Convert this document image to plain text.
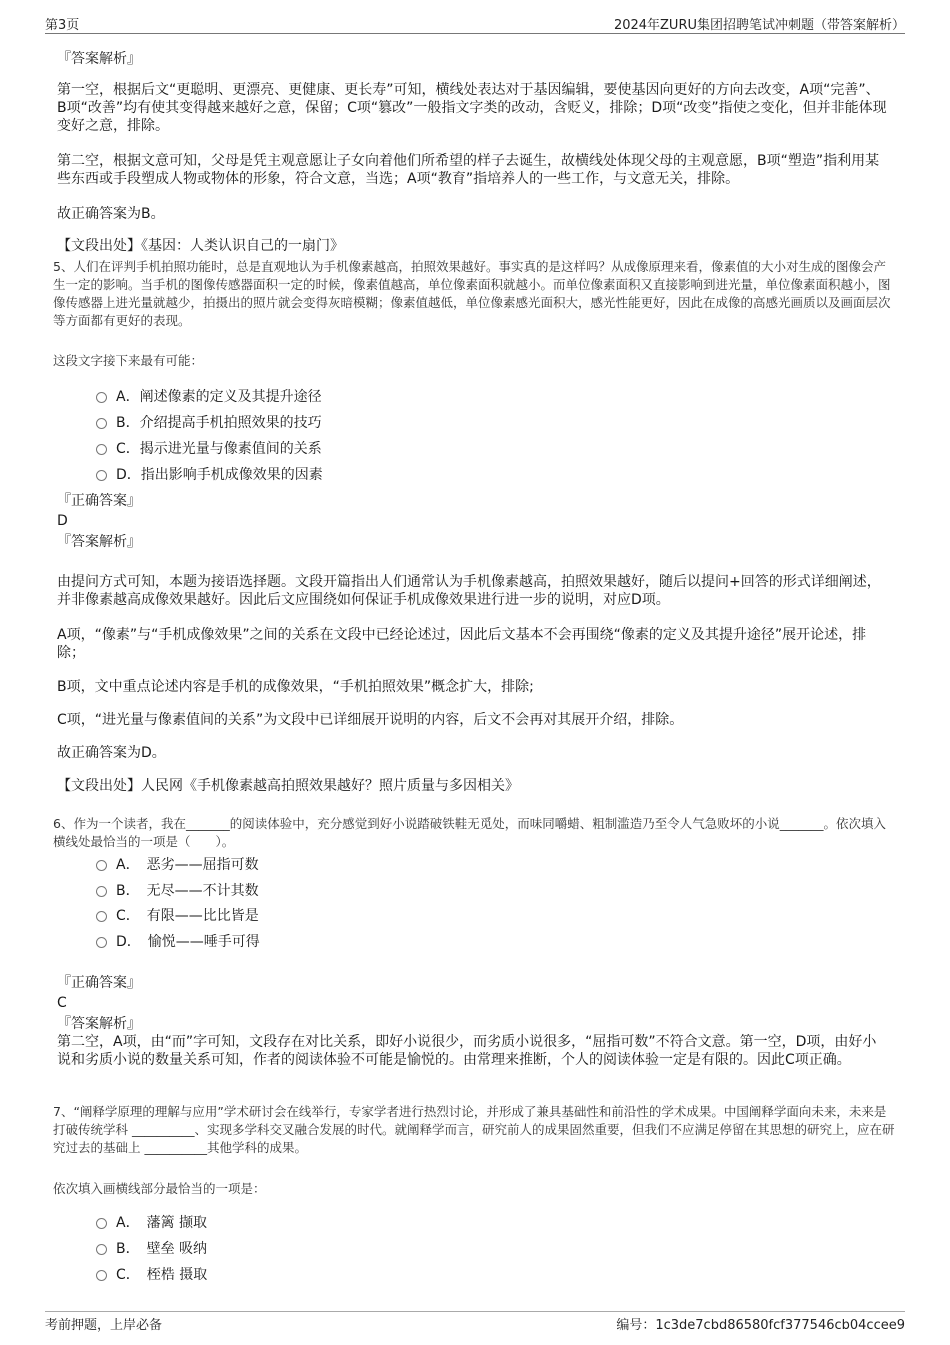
第3页	2024年ZURU集团招聘笔试冲刺题（带答案解析）
『答案解析』
第一空，根据后文“更聪明、更漂亮、更健康、更长寿”可知，横线处表达对于基因编辑，要使基因向更好的方向去改变，A项“完善”、B项“改善”均有使其变得越来越好之意，保留；C项“篡改”一般指文字类的改动，含贬义，排除；D项“改变”指使之变化，但并非能体现变好之意，排除。
第二空，根据文意可知，父母是凭主观意愿让子女向着他们所希望的样子去诞生，故横线处体现父母的主观意愿，B项“塑造”指利用某些东西或手段塑成人物或物体的形象，符合文意，当选；A项“教育”指培养人的一些工作，与文意无关，排除。
故正确答案为B。
【文段出处】《基因：人类认识自己的一扇门》
5、人们在评判手机拍照功能时，总是直观地认为手机像素越高，拍照效果越好。事实真的是这样吗？从成像原理来看，像素值的大小对生成的图像会产生一定的影响。当手机的图像传感器面积一定的时候，像素值越高，单位像素面积就越小。而单位像素面积又直接影响到进光量，单位像素面积越小，图像传感器上进光量就越少，拍摄出的照片就会变得灰暗模糊；像素值越低，单位像素感光面积大，感光性能更好，因此在成像的高感光画质以及画面层次等方面都有更好的表现。
这段文字接下来最有可能：
A．阐述像素的定义及其提升途径
B．介绍提高手机拍照效果的技巧
C．揭示进光量与像素值间的关系
D．指出影响手机成像效果的因素
『正确答案』
D
『答案解析』
由提问方式可知，本题为接语选择题。文段开篇指出人们通常认为手机像素越高，拍照效果越好，随后以提问+回答的形式详细阐述，并非像素越高成像效果越好。因此后文应围绕如何保证手机成像效果进行进一步的说明，对应D项。
A项，“像素”与“手机成像效果”之间的关系在文段中已经论述过，因此后文基本不会再围绕“像素的定义及其提升途径”展开论述，排除；
B项，文中重点论述内容是手机的成像效果，“手机拍照效果”概念扩大，排除;
C项，“进光量与像素值间的关系”为文段中已详细展开说明的内容，后文不会再对其展开介绍，排除。
故正确答案为D。
【文段出处】人民网《手机像素越高拍照效果越好？照片质量与多因相关》
6、作为一个读者，我在_______的阅读体验中，充分感觉到好小说踏破铁鞋无觅处，而味同嚼蜡、粗制滥造乃至令人气急败坏的小说_______。依次填入横线处最恰当的一项是（　　）。
A．　恶劣——屈指可数
B．　无尽——不计其数
C．　有限——比比皆是
D．　愉悦——唾手可得
『正确答案』
C
『答案解析』
第二空，A项，由“而”字可知，文段存在对比关系，即好小说很少，而劣质小说很多，“屈指可数”不符合文意。第一空，D项，由好小说和劣质小说的数量关系可知，作者的阅读体验不可能是愉悦的。由常理来推断，个人的阅读体验一定是有限的。因此C项正确。
7、“阐释学原理的理解与应用”学术研讨会在线举行，专家学者进行热烈讨论，并形成了兼具基础性和前沿性的学术成果。中国阐释学面向未来，未来是打破传统学科 __________、实现多学科交叉融合发展的时代。就阐释学而言，研究前人的成果固然重要，但我们不应满足停留在其思想的研究上，应在研究过去的基础上 __________其他学科的成果。
依次填入画横线部分最恰当的一项是：
A．　藩篱 撷取
B．　壁垒 吸纳
C．　桎梏 摄取
考前押题，上岸必备	编号：1c3de7cbd86580fcf377546cb04ccee9
